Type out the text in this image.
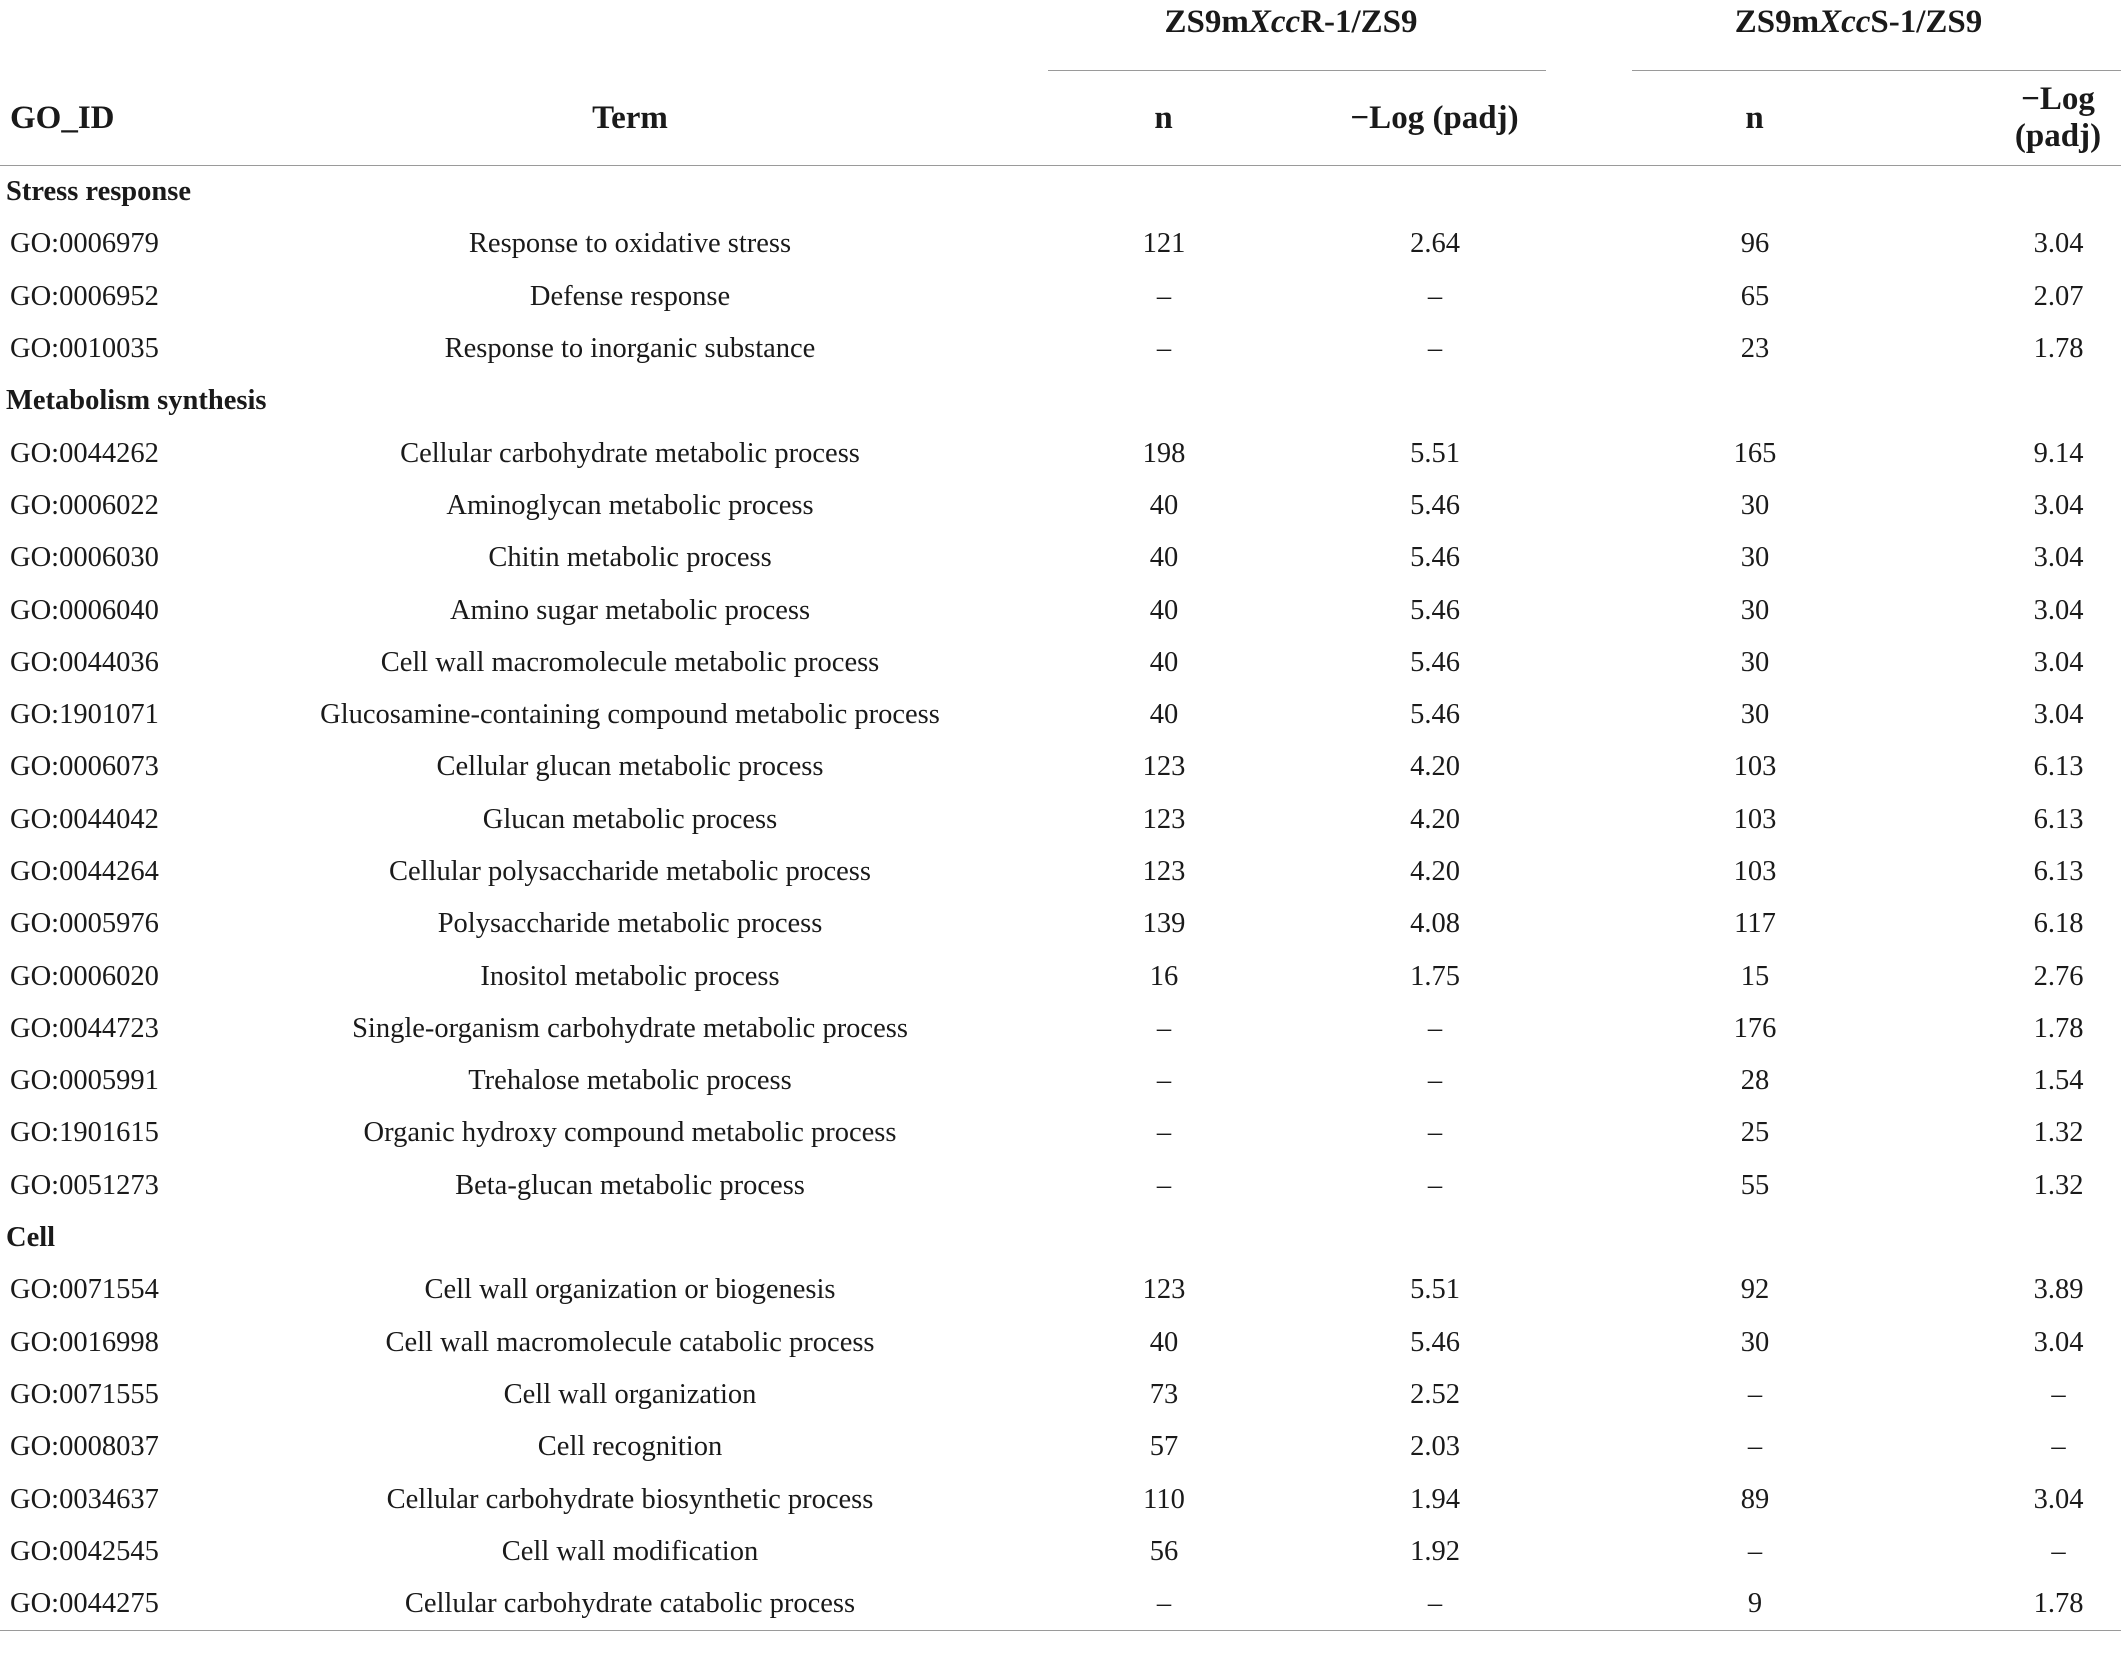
		ZS9mXccR-1/ZS9		ZS9mXccS-1/ZS9	

GO_ID	Term	n	−Log (padj)	n	−Log (padj)
Stress response					
GO:0006979	Response to oxidative stress	121	2.64	96	3.04
GO:0006952	Defense response	–	–	65	2.07
GO:0010035	Response to inorganic substance	–	–	23	1.78
Metabolism synthesis					
GO:0044262	Cellular carbohydrate metabolic process	198	5.51	165	9.14
GO:0006022	Aminoglycan metabolic process	40	5.46	30	3.04
GO:0006030	Chitin metabolic process	40	5.46	30	3.04
GO:0006040	Amino sugar metabolic process	40	5.46	30	3.04
GO:0044036	Cell wall macromolecule metabolic process	40	5.46	30	3.04
GO:1901071	Glucosamine-containing compound metabolic process	40	5.46	30	3.04
GO:0006073	Cellular glucan metabolic process	123	4.20	103	6.13
GO:0044042	Glucan metabolic process	123	4.20	103	6.13
GO:0044264	Cellular polysaccharide metabolic process	123	4.20	103	6.13
GO:0005976	Polysaccharide metabolic process	139	4.08	117	6.18
GO:0006020	Inositol metabolic process	16	1.75	15	2.76
GO:0044723	Single-organism carbohydrate metabolic process	–	–	176	1.78
GO:0005991	Trehalose metabolic process	–	–	28	1.54
GO:1901615	Organic hydroxy compound metabolic process	–	–	25	1.32
GO:0051273	Beta-glucan metabolic process	–	–	55	1.32
Cell					
GO:0071554	Cell wall organization or biogenesis	123	5.51	92	3.89
GO:0016998	Cell wall macromolecule catabolic process	40	5.46	30	3.04
GO:0071555	Cell wall organization	73	2.52	–	–
GO:0008037	Cell recognition	57	2.03	–	–
GO:0034637	Cellular carbohydrate biosynthetic process	110	1.94	89	3.04
GO:0042545	Cell wall modification	56	1.92	–	–
GO:0044275	Cellular carbohydrate catabolic process	–	–	9	1.78
